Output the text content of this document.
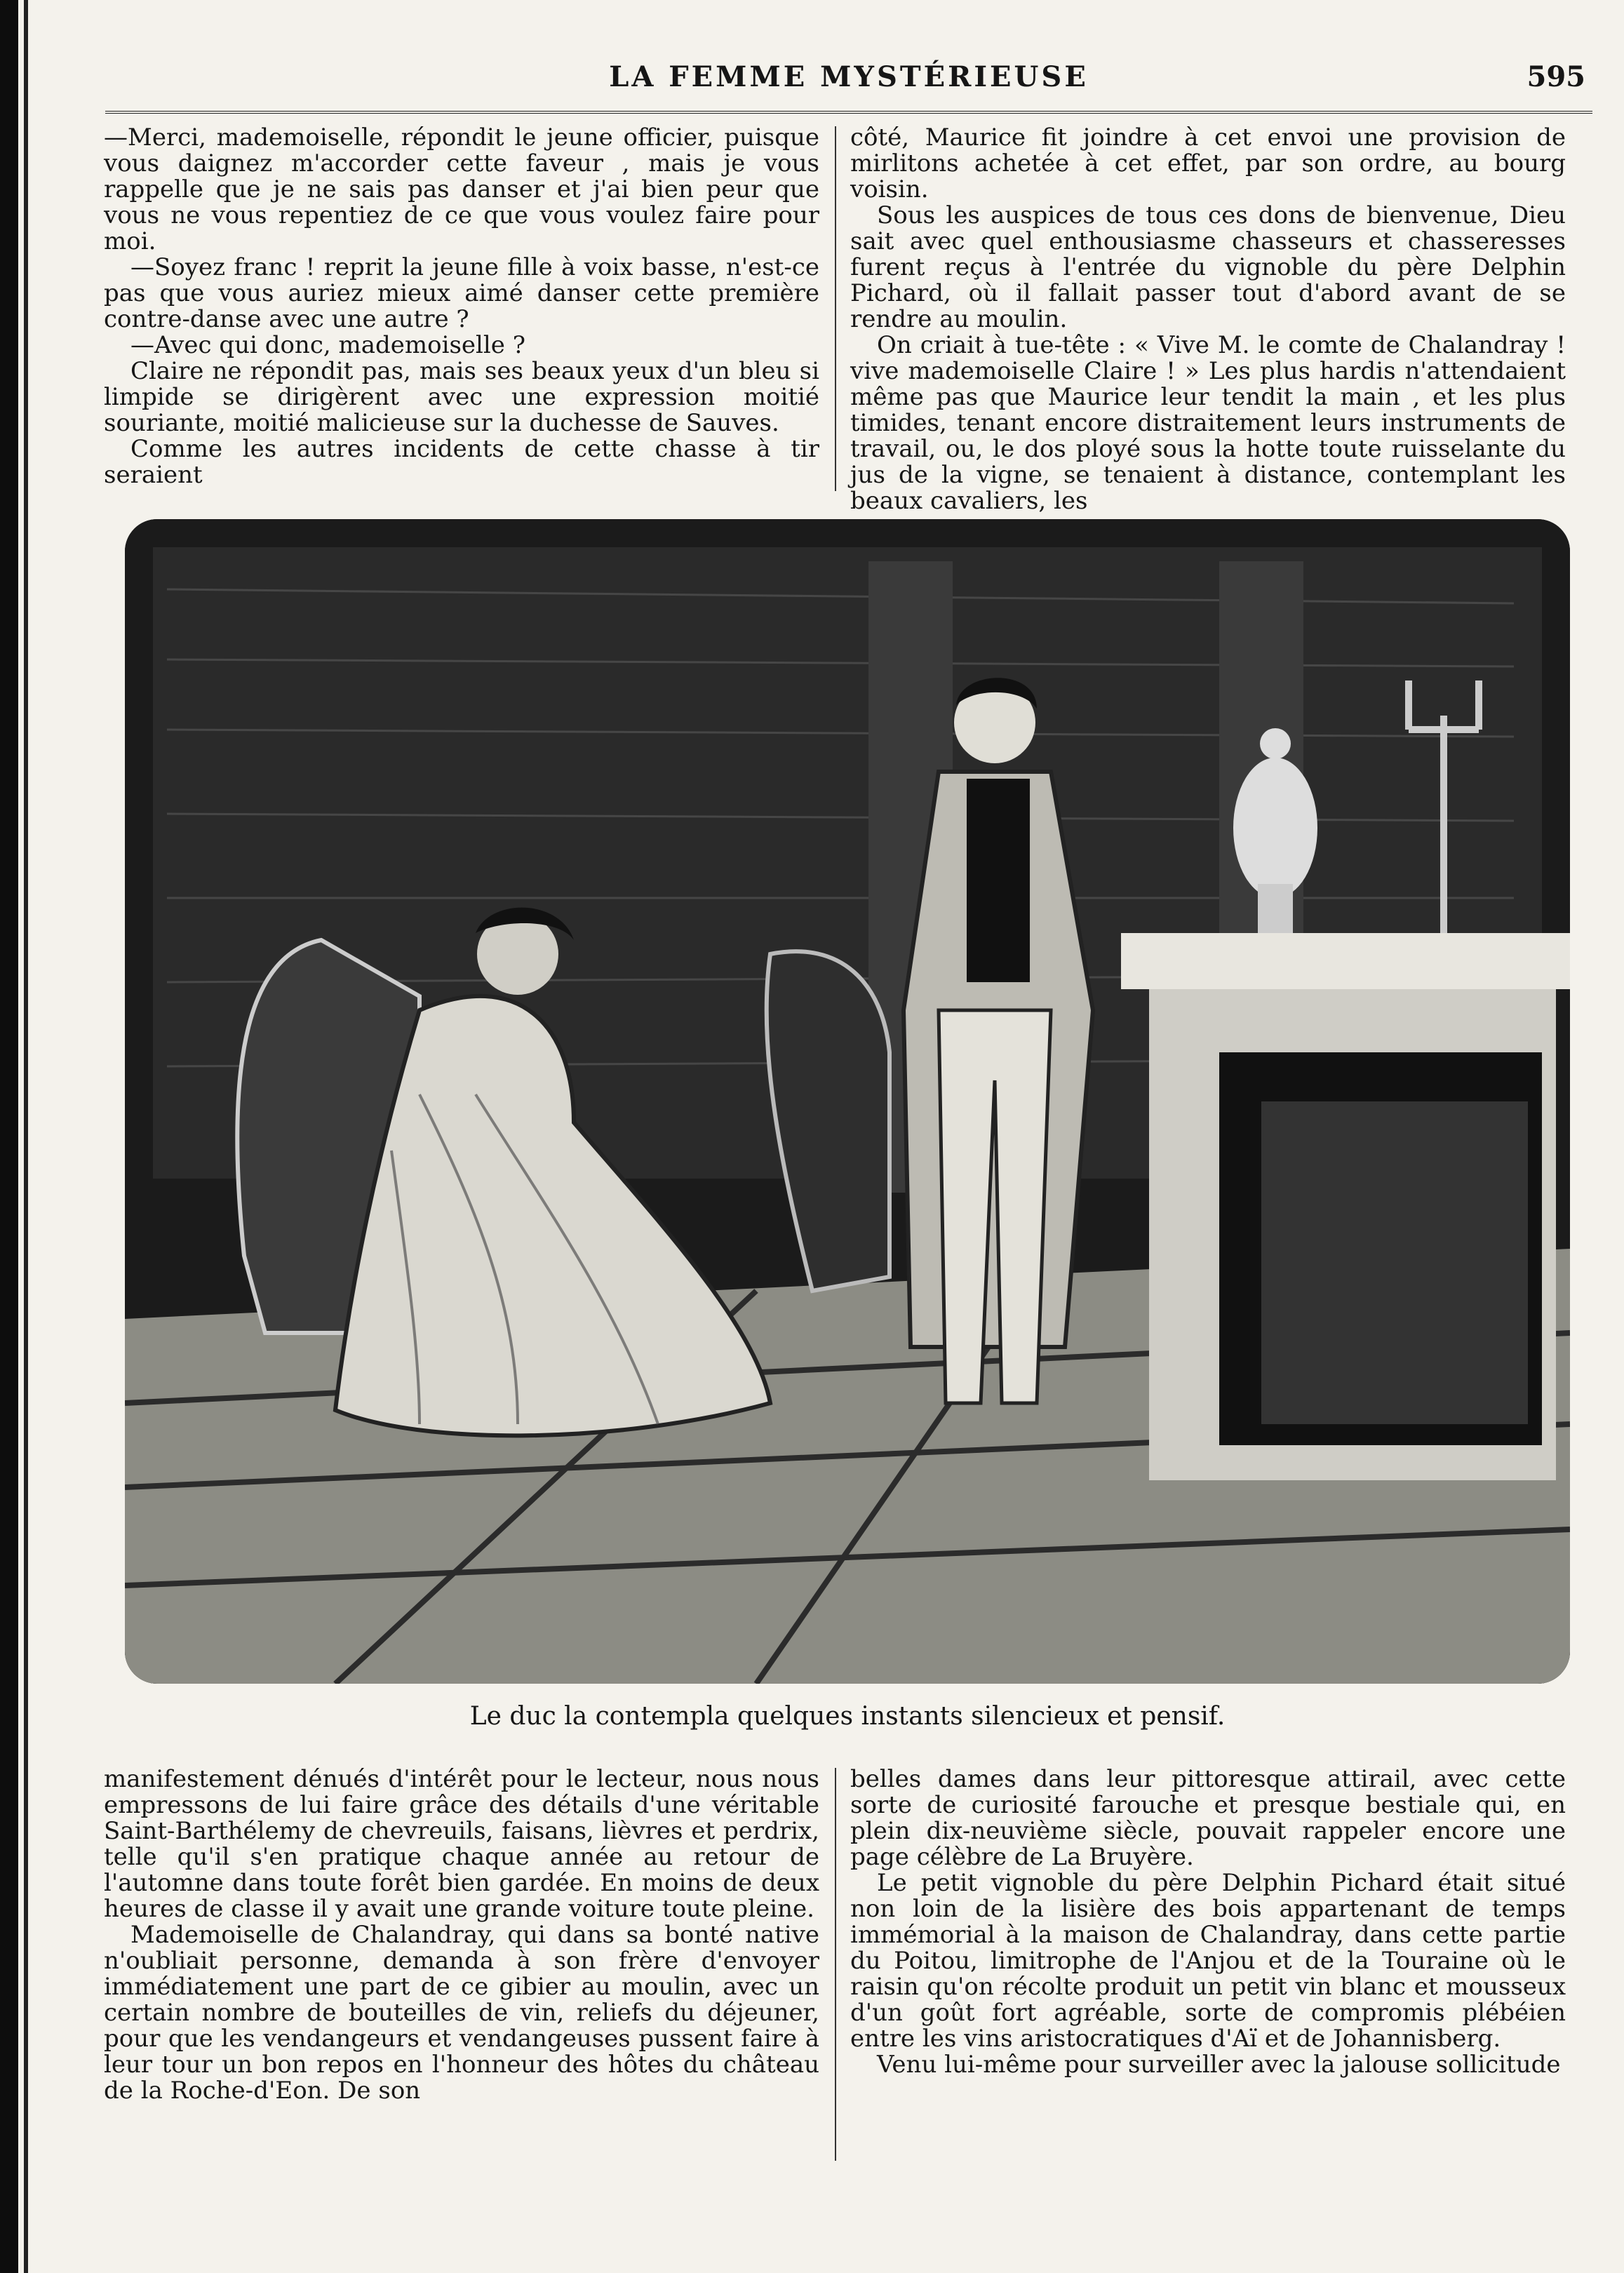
LA FEMME MYSTÉRIEUSE	595

—Merci, mademoiselle, répondit le jeune officier, puisque vous daignez m'accorder cette faveur , mais je vous rappelle que je ne sais pas danser et j'ai bien peur que vous ne vous repentiez de ce que vous voulez faire pour moi.

—Soyez franc ! reprit la jeune fille à voix basse, n'est-ce pas que vous auriez mieux aimé danser cette première contre-danse avec une autre ?

—Avec qui donc, mademoiselle ?

Claire ne répondit pas, mais ses beaux yeux d'un bleu si limpide se dirigèrent avec une expression moitié souriante, moitié malicieuse sur la duchesse de Sauves.

Comme les autres incidents de cette chasse à tir seraient

côté, Maurice fit joindre à cet envoi une provision de mirlitons achetée à cet effet, par son ordre, au bourg voisin.

Sous les auspices de tous ces dons de bienvenue, Dieu sait avec quel enthousiasme chasseurs et chasseresses furent reçus à l'entrée du vignoble du père Delphin Pichard, où il fallait passer tout d'abord avant de se rendre au moulin.

On criait à tue-tête : « Vive M. le comte de Chalandray ! vive mademoiselle Claire ! » Les plus hardis n'attendaient même pas que Maurice leur tendit la main , et les plus timides, tenant encore distraitement leurs instruments de travail, ou, le dos ployé sous la hotte toute ruisselante du jus de la vigne, se tenaient à distance, contemplant les beaux cavaliers, les

Le duc la contempla quelques instants silencieux et pensif.

manifestement dénués d'intérêt pour le lecteur, nous nous empressons de lui faire grâce des détails d'une véritable Saint-Barthélemy de chevreuils, faisans, lièvres et perdrix, telle qu'il s'en pratique chaque année au retour de l'automne dans toute forêt bien gardée. En moins de deux heures de classe il y avait une grande voiture toute pleine.

Mademoiselle de Chalandray, qui dans sa bonté native n'oubliait personne, demanda à son frère d'envoyer immédiatement une part de ce gibier au moulin, avec un certain nombre de bouteilles de vin, reliefs du déjeuner, pour que les vendangeurs et vendangeuses pussent faire à leur tour un bon repos en l'honneur des hôtes du château de la Roche-d'Eon. De son

belles dames dans leur pittoresque attirail, avec cette sorte de curiosité farouche et presque bestiale qui, en plein dix-neuvième siècle, pouvait rappeler encore une page célèbre de La Bruyère.

Le petit vignoble du père Delphin Pichard était situé non loin de la lisière des bois appartenant de temps immémorial à la maison de Chalandray, dans cette partie du Poitou, limitrophe de l'Anjou et de la Touraine où le raisin qu'on récolte produit un petit vin blanc et mousseux d'un goût fort agréable, sorte de compromis plébéien entre les vins aristocratiques d'Aï et de Johannisberg.

Venu lui-même pour surveiller avec la jalouse sollicitude
